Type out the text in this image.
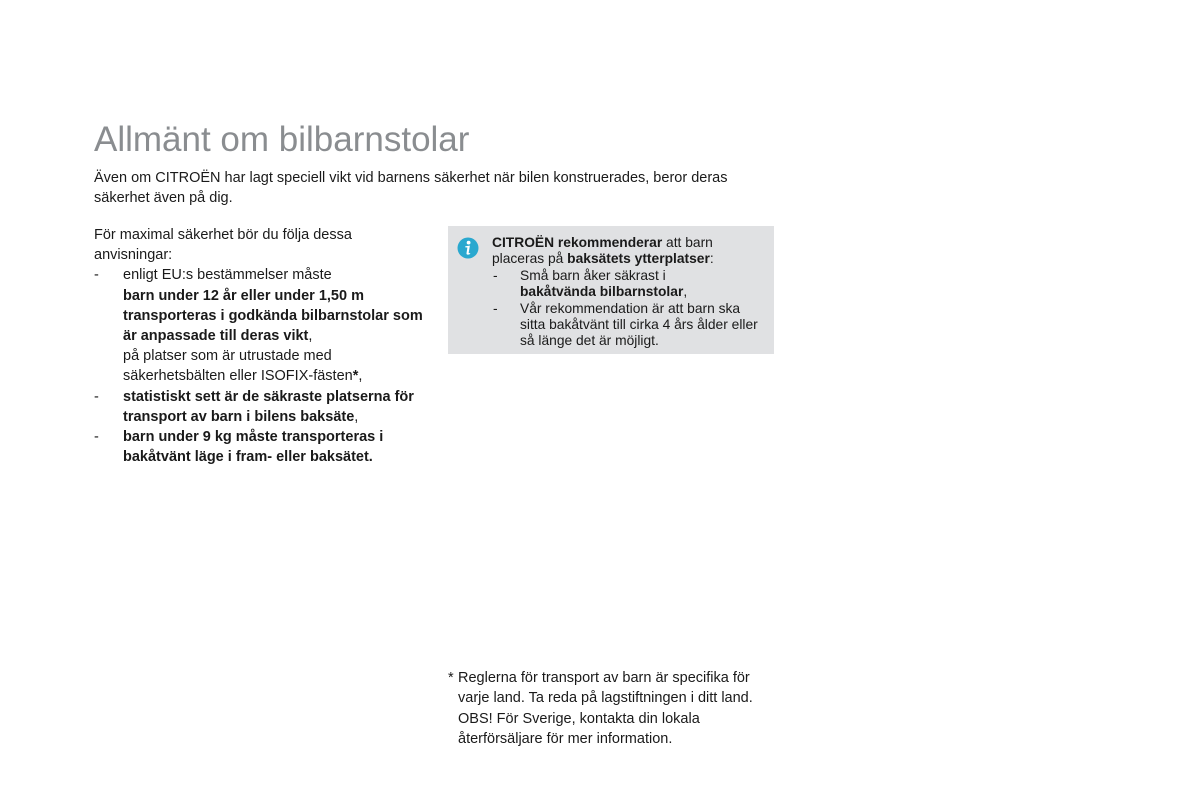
Allmänt om bilbarnstolar

Även om CITROËN har lagt speciell vikt vid barnens säkerhet när bilen konstruerades, beror deras säkerhet även på dig.

För maximal säkerhet bör du följa dessa anvisningar:

- enligt EU:s bestämmelser måste
barn under 12 år eller under 1,50 m transporteras i godkända bilbarnstolar som är anpassade till deras vikt,
på platser som är utrustade med säkerhetsbälten eller ISOFIX-fästen*,
- statistiskt sett är de säkraste platserna för transport av barn i bilens baksäte,
- barn under 9 kg måste transporteras i bakåtvänt läge i fram- eller baksätet.

CITROËN rekommenderar att barn placeras på baksätets ytterplatser:

- Små barn åker säkrast i
bakåtvända bilbarnstolar,
- Vår rekommendation är att barn ska sitta bakåtvänt till cirka 4 års ålder eller så länge det är möjligt.
* Reglerna för transport av barn är specifika för varje land. Ta reda på lagstiftningen i ditt land. OBS! För Sverige, kontakta din lokala återförsäljare för mer information.
